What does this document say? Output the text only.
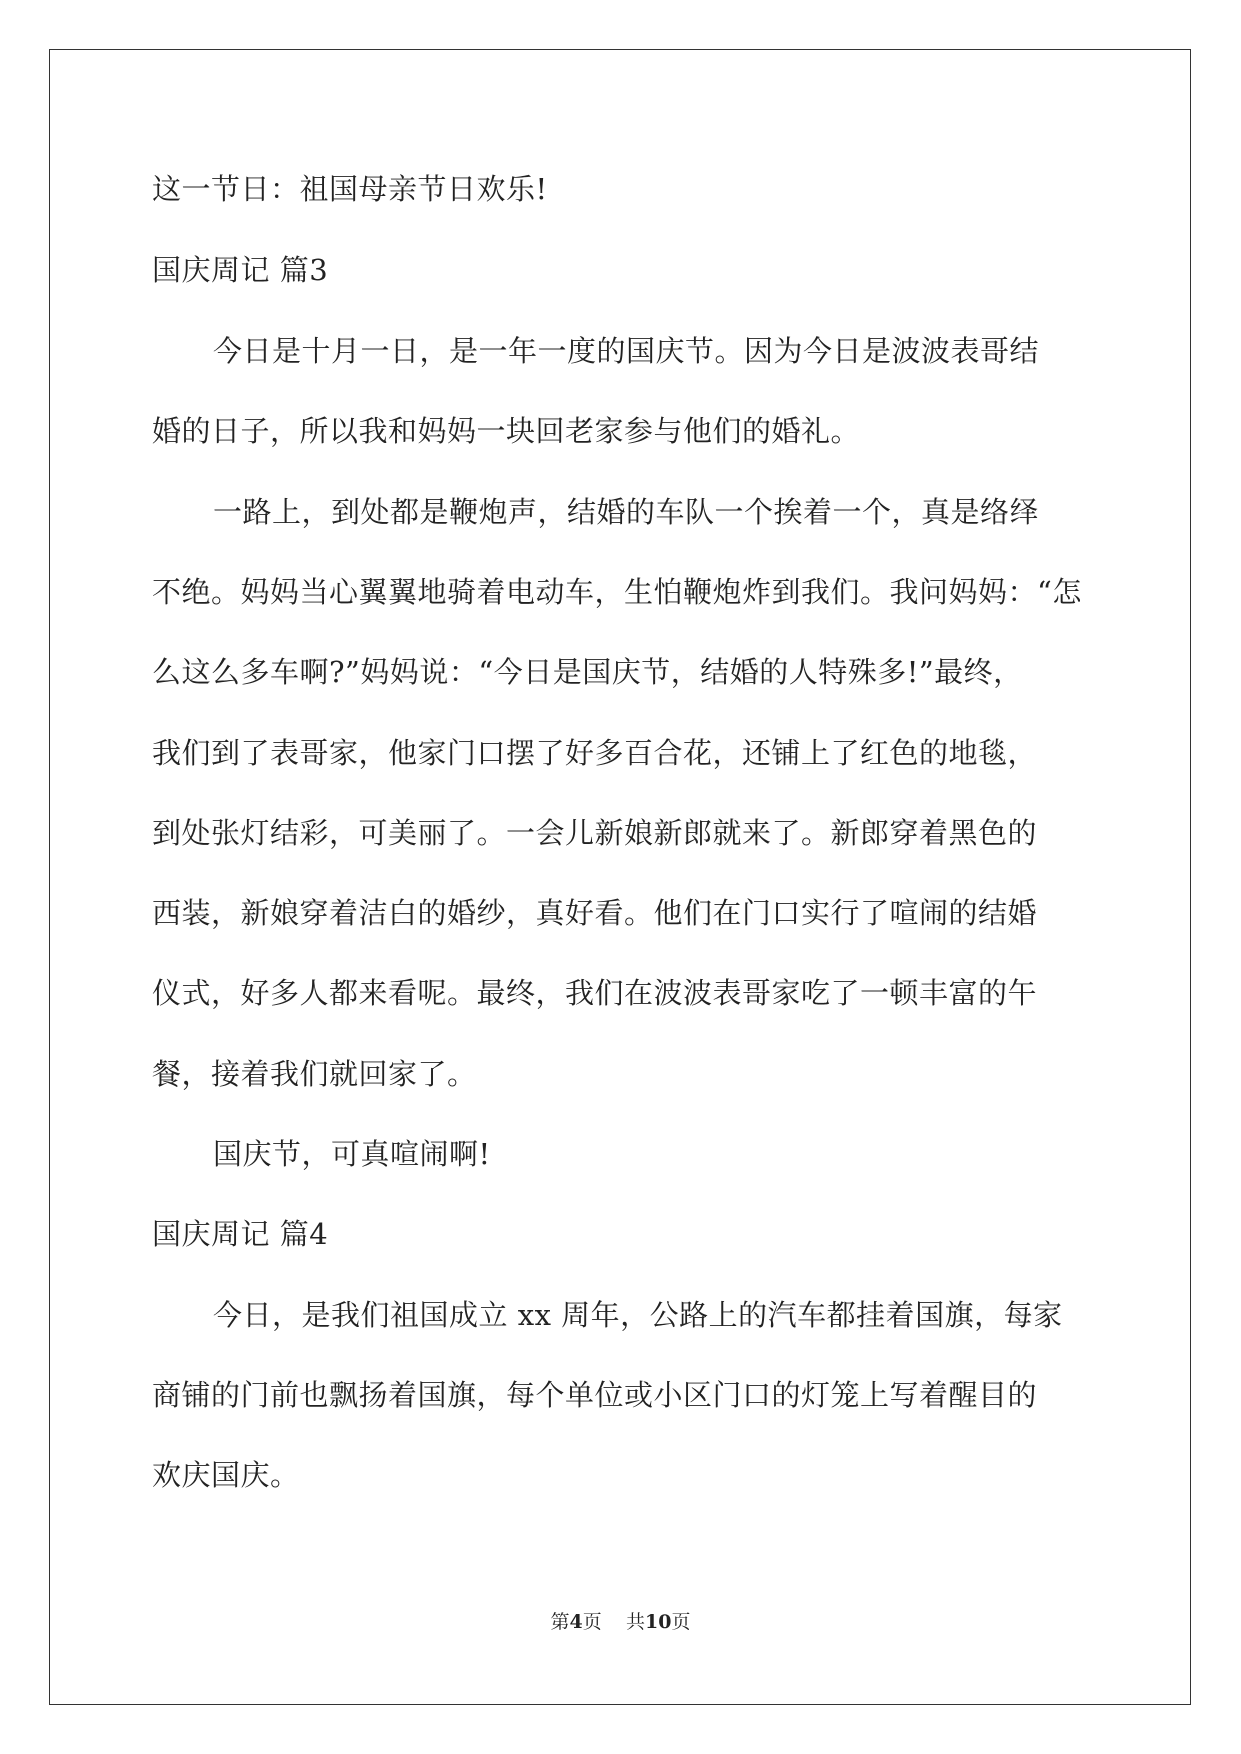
这一节日：祖国母亲节日欢乐!
国庆周记 篇3
今日是十月一日，是一年一度的国庆节。因为今日是波波表哥结
婚的日子，所以我和妈妈一块回老家参与他们的婚礼。
一路上，到处都是鞭炮声，结婚的车队一个挨着一个，真是络绎
不绝。妈妈当心翼翼地骑着电动车，生怕鞭炮炸到我们。我问妈妈：“怎
么这么多车啊?”妈妈说：“今日是国庆节，结婚的人特殊多!”最终，
我们到了表哥家，他家门口摆了好多百合花，还铺上了红色的地毯，
到处张灯结彩，可美丽了。一会儿新娘新郎就来了。新郎穿着黑色的
西装，新娘穿着洁白的婚纱，真好看。他们在门口实行了喧闹的结婚
仪式，好多人都来看呢。最终，我们在波波表哥家吃了一顿丰富的午
餐，接着我们就回家了。
国庆节，可真喧闹啊!
国庆周记 篇4
今日，是我们祖国成立 xx 周年，公路上的汽车都挂着国旗，每家
商铺的门前也飘扬着国旗，每个单位或小区门口的灯笼上写着醒目的
欢庆国庆。
第4页 共10页
